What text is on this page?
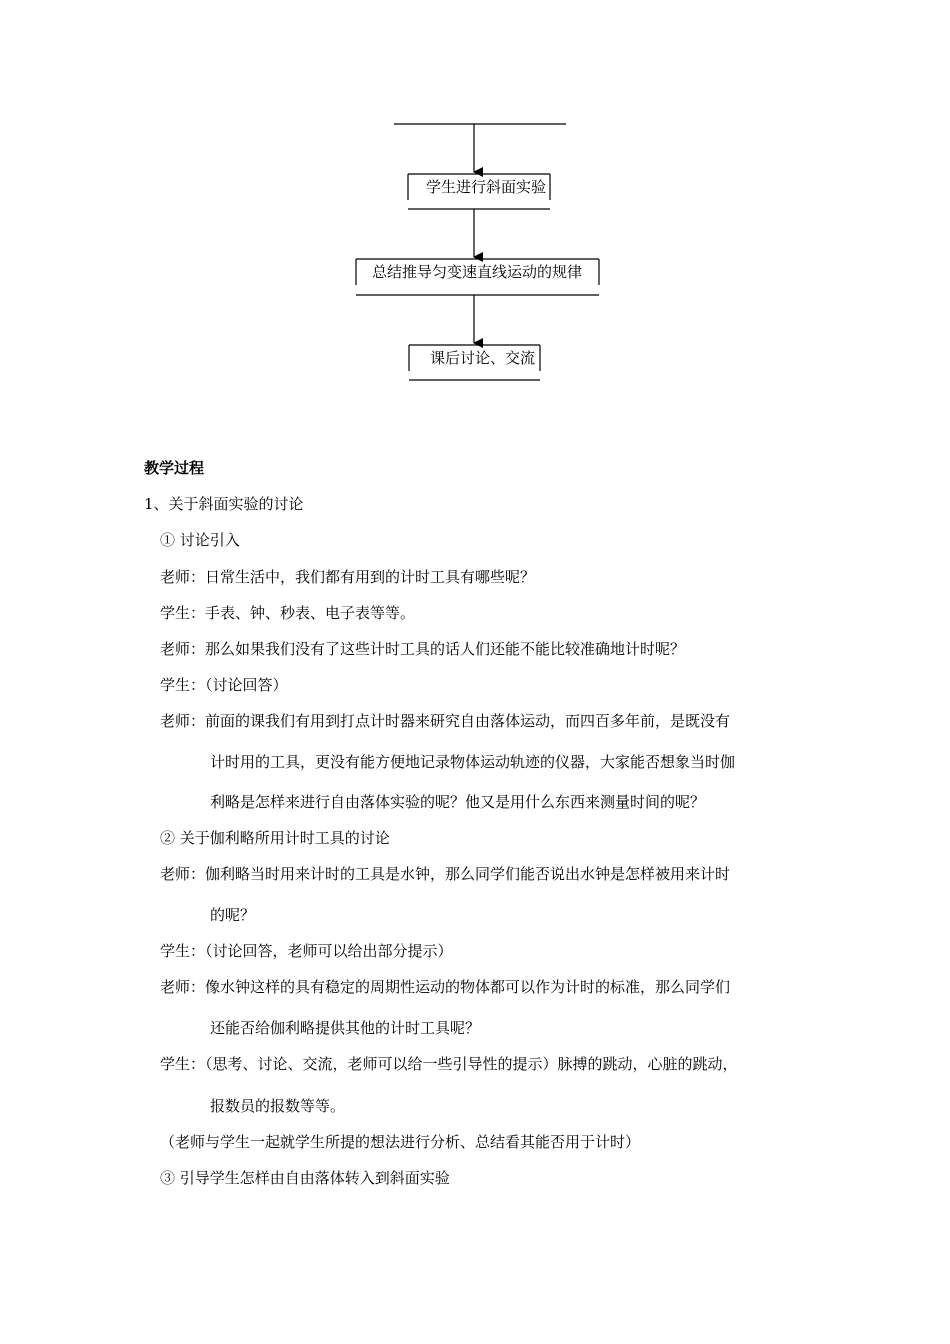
学生进行斜面实验
总结推导匀变速直线运动的规律
课后讨论、交流
教学过程
1、关于斜面实验的讨论
① 讨论引入
老师：日常生活中，我们都有用到的计时工具有哪些呢？
学生：手表、钟、秒表、电子表等等。
老师：那么如果我们没有了这些计时工具的话人们还能不能比较准确地计时呢？
学生：（讨论回答）
老师：前面的课我们有用到打点计时器来研究自由落体运动，而四百多年前，是既没有
计时用的工具，更没有能方便地记录物体运动轨迹的仪器，大家能否想象当时伽
利略是怎样来进行自由落体实验的呢？他又是用什么东西来测量时间的呢？
② 关于伽利略所用计时工具的讨论
老师：伽利略当时用来计时的工具是水钟，那么同学们能否说出水钟是怎样被用来计时
的呢？
学生：（讨论回答，老师可以给出部分提示）
老师：像水钟这样的具有稳定的周期性运动的物体都可以作为计时的标准，那么同学们
还能否给伽利略提供其他的计时工具呢？
学生：（思考、讨论、交流，老师可以给一些引导性的提示）脉搏的跳动，心脏的跳动，
报数员的报数等等。
（老师与学生一起就学生所提的想法进行分析、总结看其能否用于计时）
③ 引导学生怎样由自由落体转入到斜面实验
